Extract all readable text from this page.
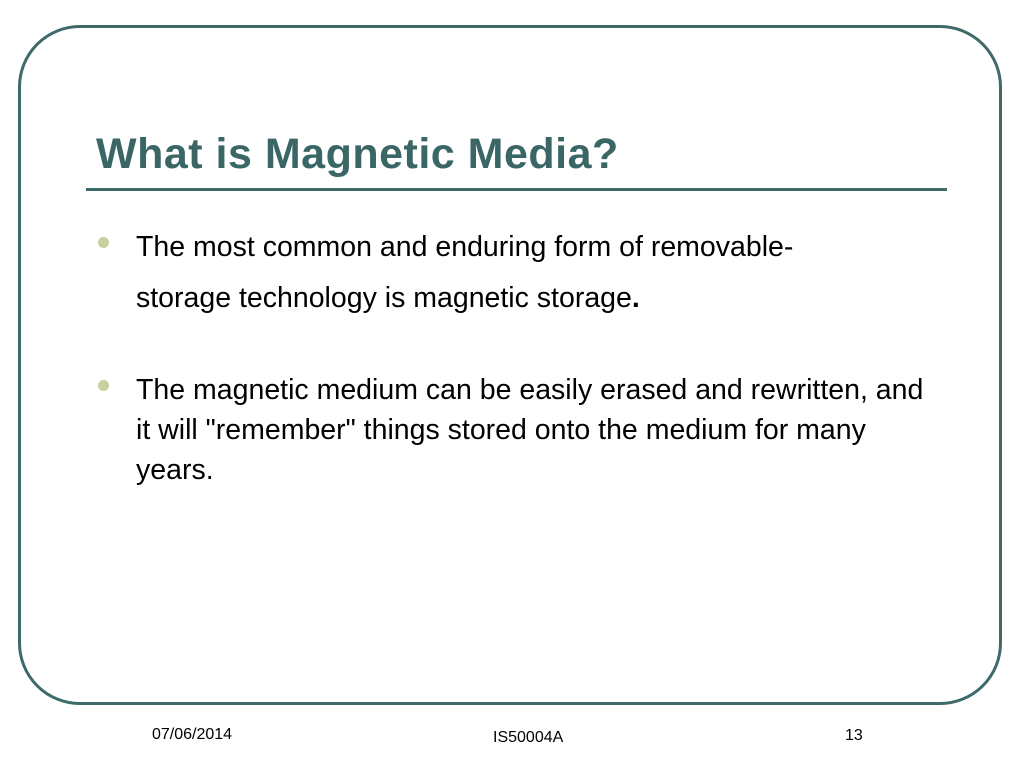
What is Magnetic Media?
The most common and enduring form of removable-
storage technology is magnetic storage.
The magnetic medium can be easily erased and rewritten, and it will "remember" things stored onto the medium for many years.
07/06/2014	IS50004A	13
